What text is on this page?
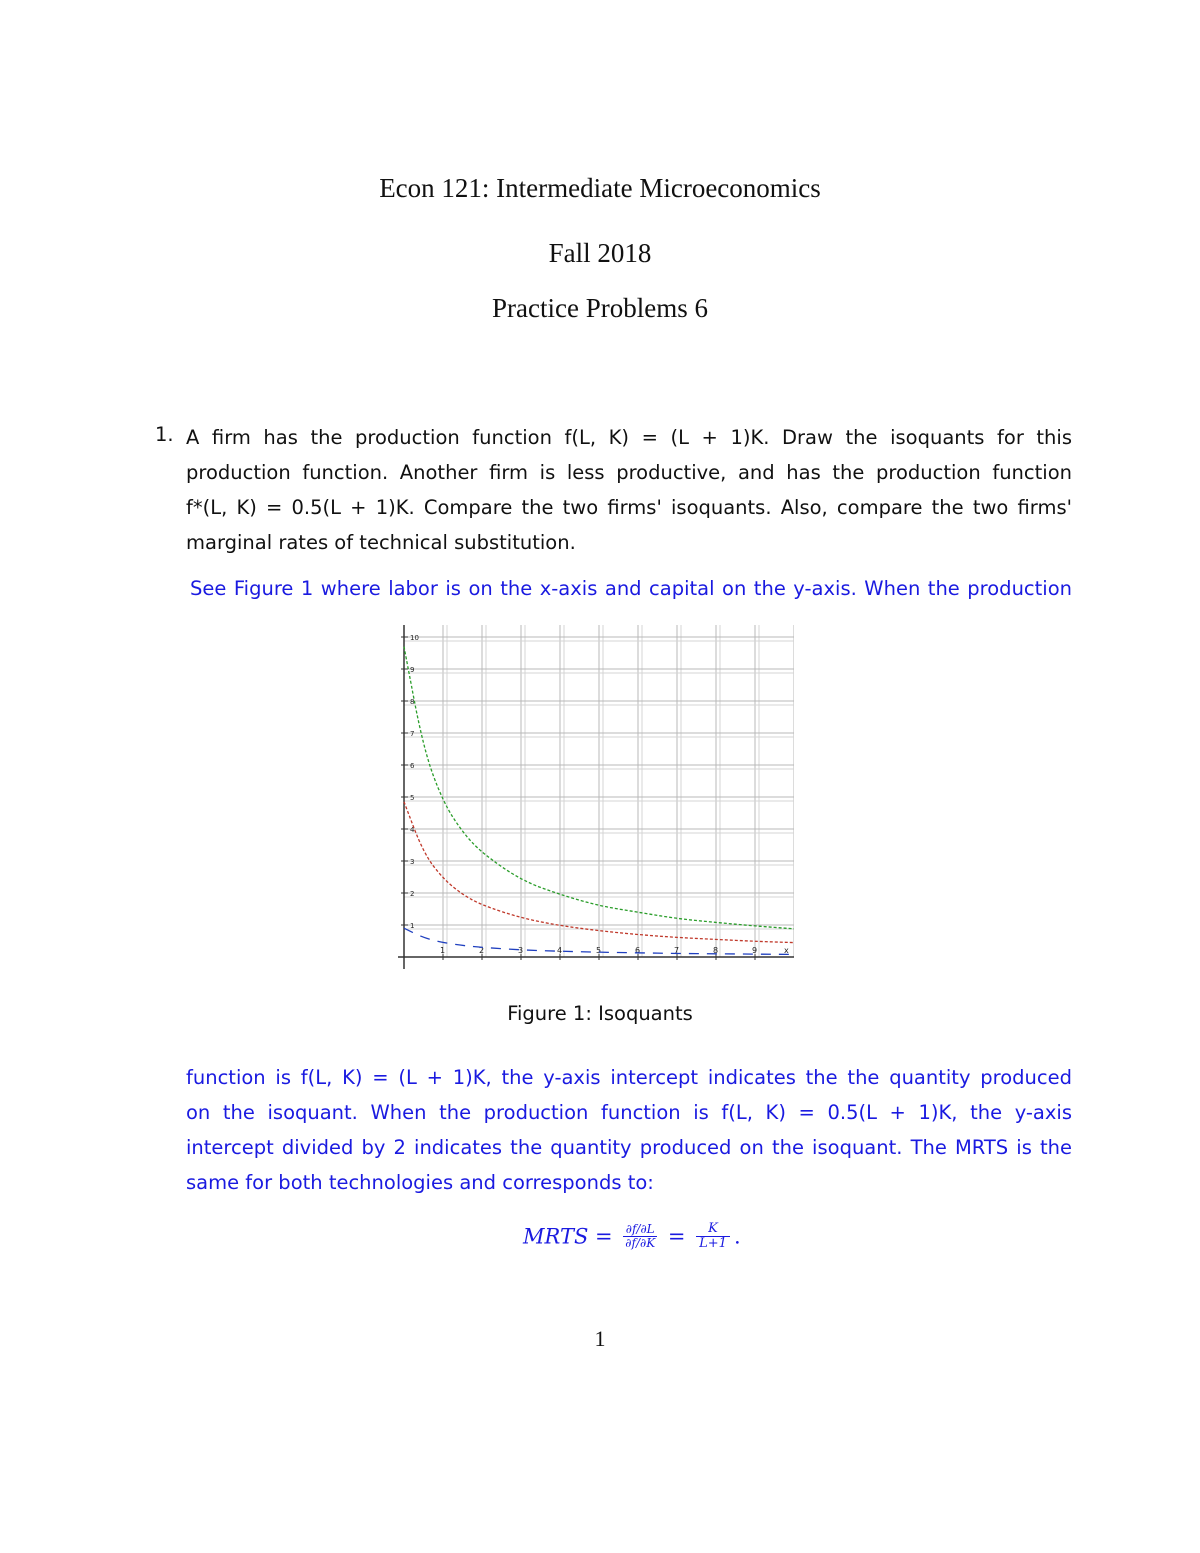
Econ 121: Intermediate Microeconomics
Fall 2018
Practice Problems 6
1. A firm has the production function f(L, K) = (L + 1)K. Draw the isoquants for this
production function. Another firm is less productive, and has the production function
f*(L, K) = 0.5(L + 1)K. Compare the two firms' isoquants. Also, compare the two firms'
marginal rates of technical substitution.
See Figure 1 where labor is on the x-axis and capital on the y-axis. When the production
1	2	3	4	5	6	7	8	9	x
1
2
3
4
5
6
7
8
9
10
Figure 1: Isoquants
function is f(L, K) = (L + 1)K, the y-axis intercept indicates the the quantity produced
on the isoquant. When the production function is f(L, K) = 0.5(L + 1)K, the y-axis
intercept divided by 2 indicates the quantity produced on the isoquant. The MRTS is the
same for both technologies and corresponds to:
MRTS = $\frac{\partial f/\partial L}{\partial f/\partial K} = \frac{K}{L+1}$ .
1
